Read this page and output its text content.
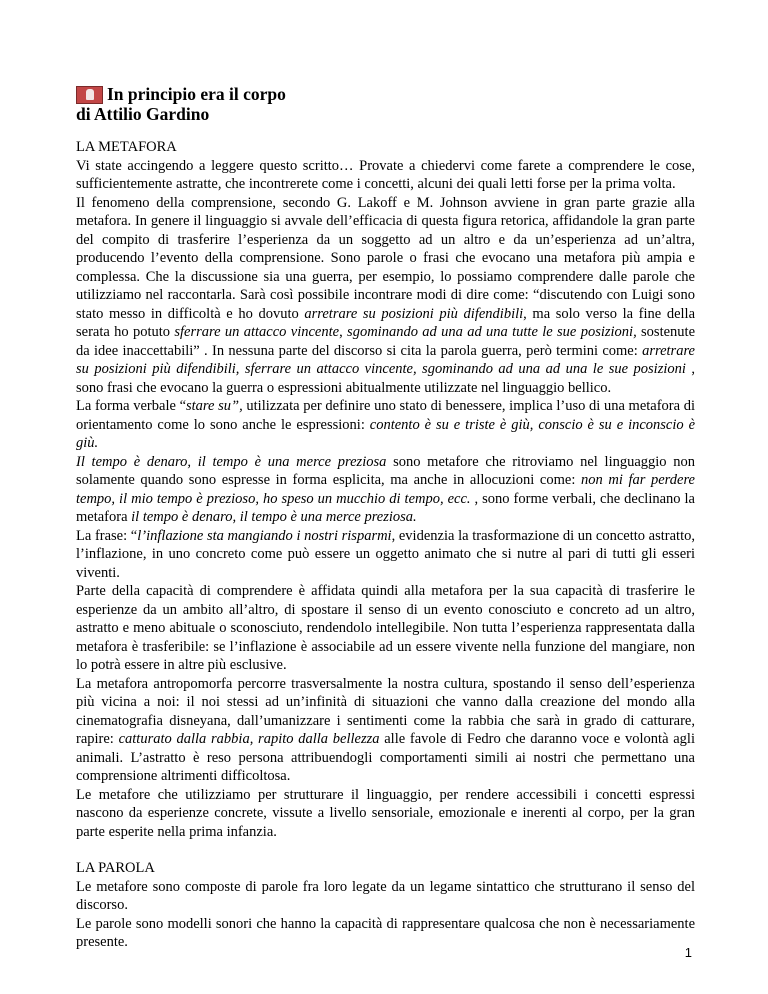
In principio era il corpo
di Attilio Gardino
LA METAFORA

Vi state accingendo a leggere questo scritto… Provate a chiedervi come farete a comprendere le cose, sufficientemente astratte, che incontrerete come i concetti, alcuni dei quali letti forse per la prima volta.

Il fenomeno della comprensione, secondo G. Lakoff e M. Johnson avviene in gran parte grazie alla metafora. In genere il linguaggio si avvale dell’efficacia di questa figura retorica, affidandole la gran parte del compito di trasferire l’esperienza da un soggetto ad un altro e da un’esperienza ad un’altra, producendo l’evento della comprensione. Sono parole o frasi che evocano una metafora più ampia e complessa. Che la discussione sia una guerra, per esempio, lo possiamo comprendere dalle parole che utilizziamo nel raccontarla. Sarà così possibile incontrare modi di dire come: “discutendo con Luigi sono stato messo in difficoltà e ho dovuto arretrare su posizioni più difendibili, ma solo verso la fine della serata ho potuto sferrare un attacco vincente, sgominando ad una ad una tutte le sue posizioni, sostenute da idee inaccettabili” . In nessuna parte del discorso si cita la parola guerra, però termini come: arretrare su posizioni più difendibili, sferrare un attacco vincente, sgominando ad una ad una le sue posizioni , sono frasi che evocano la guerra o espressioni abitualmente utilizzate nel linguaggio bellico.

La forma verbale “stare su”, utilizzata per definire uno stato di benessere, implica l’uso di una metafora di orientamento come lo sono anche le espressioni: contento è su e triste è giù, conscio è su e inconscio è giù.

Il tempo è denaro, il tempo è una merce preziosa sono metafore che ritroviamo nel linguaggio non solamente quando sono espresse in forma esplicita, ma anche in allocuzioni come: non mi far perdere tempo, il mio tempo è prezioso, ho speso un mucchio di tempo, ecc. , sono forme verbali, che declinano la metafora il tempo è denaro, il tempo è una merce preziosa.

La frase: “l’inflazione sta mangiando i nostri risparmi, evidenzia la trasformazione di un concetto astratto, l’inflazione, in uno concreto come può essere un oggetto animato che si nutre al pari di tutti gli esseri viventi.

Parte della capacità di comprendere è affidata quindi alla metafora per la sua capacità di trasferire le esperienze da un ambito all’altro, di spostare il senso di un evento conosciuto e concreto ad un altro, astratto e meno abituale o sconosciuto, rendendolo intellegibile. Non tutta l’esperienza rappresentata dalla metafora è trasferibile: se l’inflazione è associabile ad un essere vivente nella funzione del mangiare, non lo potrà essere in altre più esclusive.

La metafora antropomorfa percorre trasversalmente la nostra cultura, spostando il senso dell’esperienza più vicina a noi: il noi stessi ad un’infinità di situazioni che vanno dalla creazione del mondo alla cinematografia disneyana, dall’umanizzare i sentimenti come la rabbia che sarà in grado di catturare, rapire: catturato dalla rabbia, rapito dalla bellezza alle favole di Fedro che daranno voce e volontà agli animali. L’astratto è reso persona attribuendogli comportamenti simili ai nostri che permettano una comprensione altrimenti difficoltosa.

Le metafore che utilizziamo per strutturare il linguaggio, per rendere accessibili i concetti espressi nascono da esperienze concrete, vissute a livello sensoriale, emozionale e inerenti al corpo, per la gran parte esperite nella prima infanzia.

LA PAROLA

Le metafore sono composte di parole fra loro legate da un legame sintattico che strutturano il senso del discorso.

Le parole sono modelli sonori che hanno la capacità di rappresentare qualcosa che non è necessariamente presente.

1
